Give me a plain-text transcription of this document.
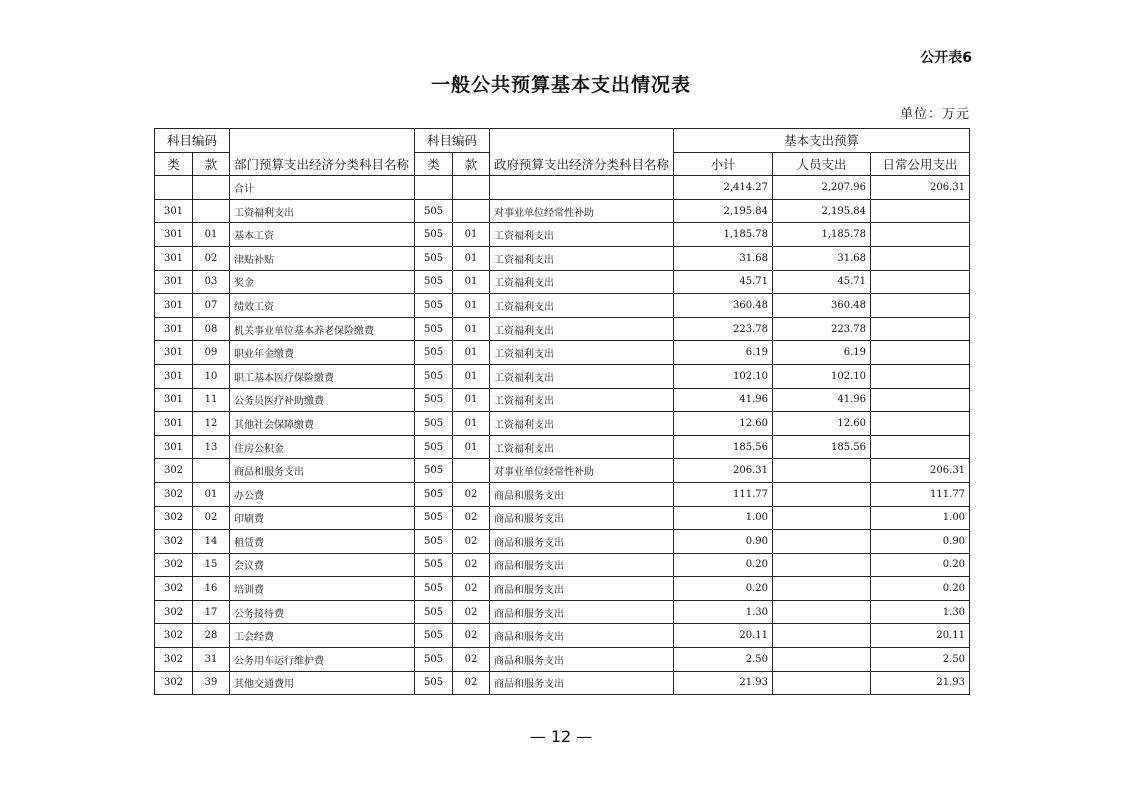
公开表6
一般公共预算基本支出情况表
单位：万元
科目编码		部门预算支出经济分类科目名称	科目编码		政府预算支出经济分类科目名称	基本支出预算		
类	款		类	款		小计	人员支出	日常公用支出
		合计				2,414.27	2,207.96	206.31
301		工资福利支出	505		对事业单位经常性补助	2,195.84	2,195.84	
301	01	基本工资	505	01	工资福利支出	1,185.78	1,185.78	
301	02	津贴补贴	505	01	工资福利支出	31.68	31.68	
301	03	奖金	505	01	工资福利支出	45.71	45.71	
301	07	绩效工资	505	01	工资福利支出	360.48	360.48	
301	08	机关事业单位基本养老保险缴费	505	01	工资福利支出	223.78	223.78	
301	09	职业年金缴费	505	01	工资福利支出	6.19	6.19	
301	10	职工基本医疗保险缴费	505	01	工资福利支出	102.10	102.10	
301	11	公务员医疗补助缴费	505	01	工资福利支出	41.96	41.96	
301	12	其他社会保障缴费	505	01	工资福利支出	12.60	12.60	
301	13	住房公积金	505	01	工资福利支出	185.56	185.56	
302		商品和服务支出	505		对事业单位经常性补助	206.31		206.31
302	01	办公费	505	02	商品和服务支出	111.77		111.77
302	02	印刷费	505	02	商品和服务支出	1.00		1.00
302	14	租赁费	505	02	商品和服务支出	0.90		0.90
302	15	会议费	505	02	商品和服务支出	0.20		0.20
302	16	培训费	505	02	商品和服务支出	0.20		0.20
302	17	公务接待费	505	02	商品和服务支出	1.30		1.30
302	28	工会经费	505	02	商品和服务支出	20.11		20.11
302	31	公务用车运行维护费	505	02	商品和服务支出	2.50		2.50
302	39	其他交通费用	505	02	商品和服务支出	21.93		21.93
— 12 —
